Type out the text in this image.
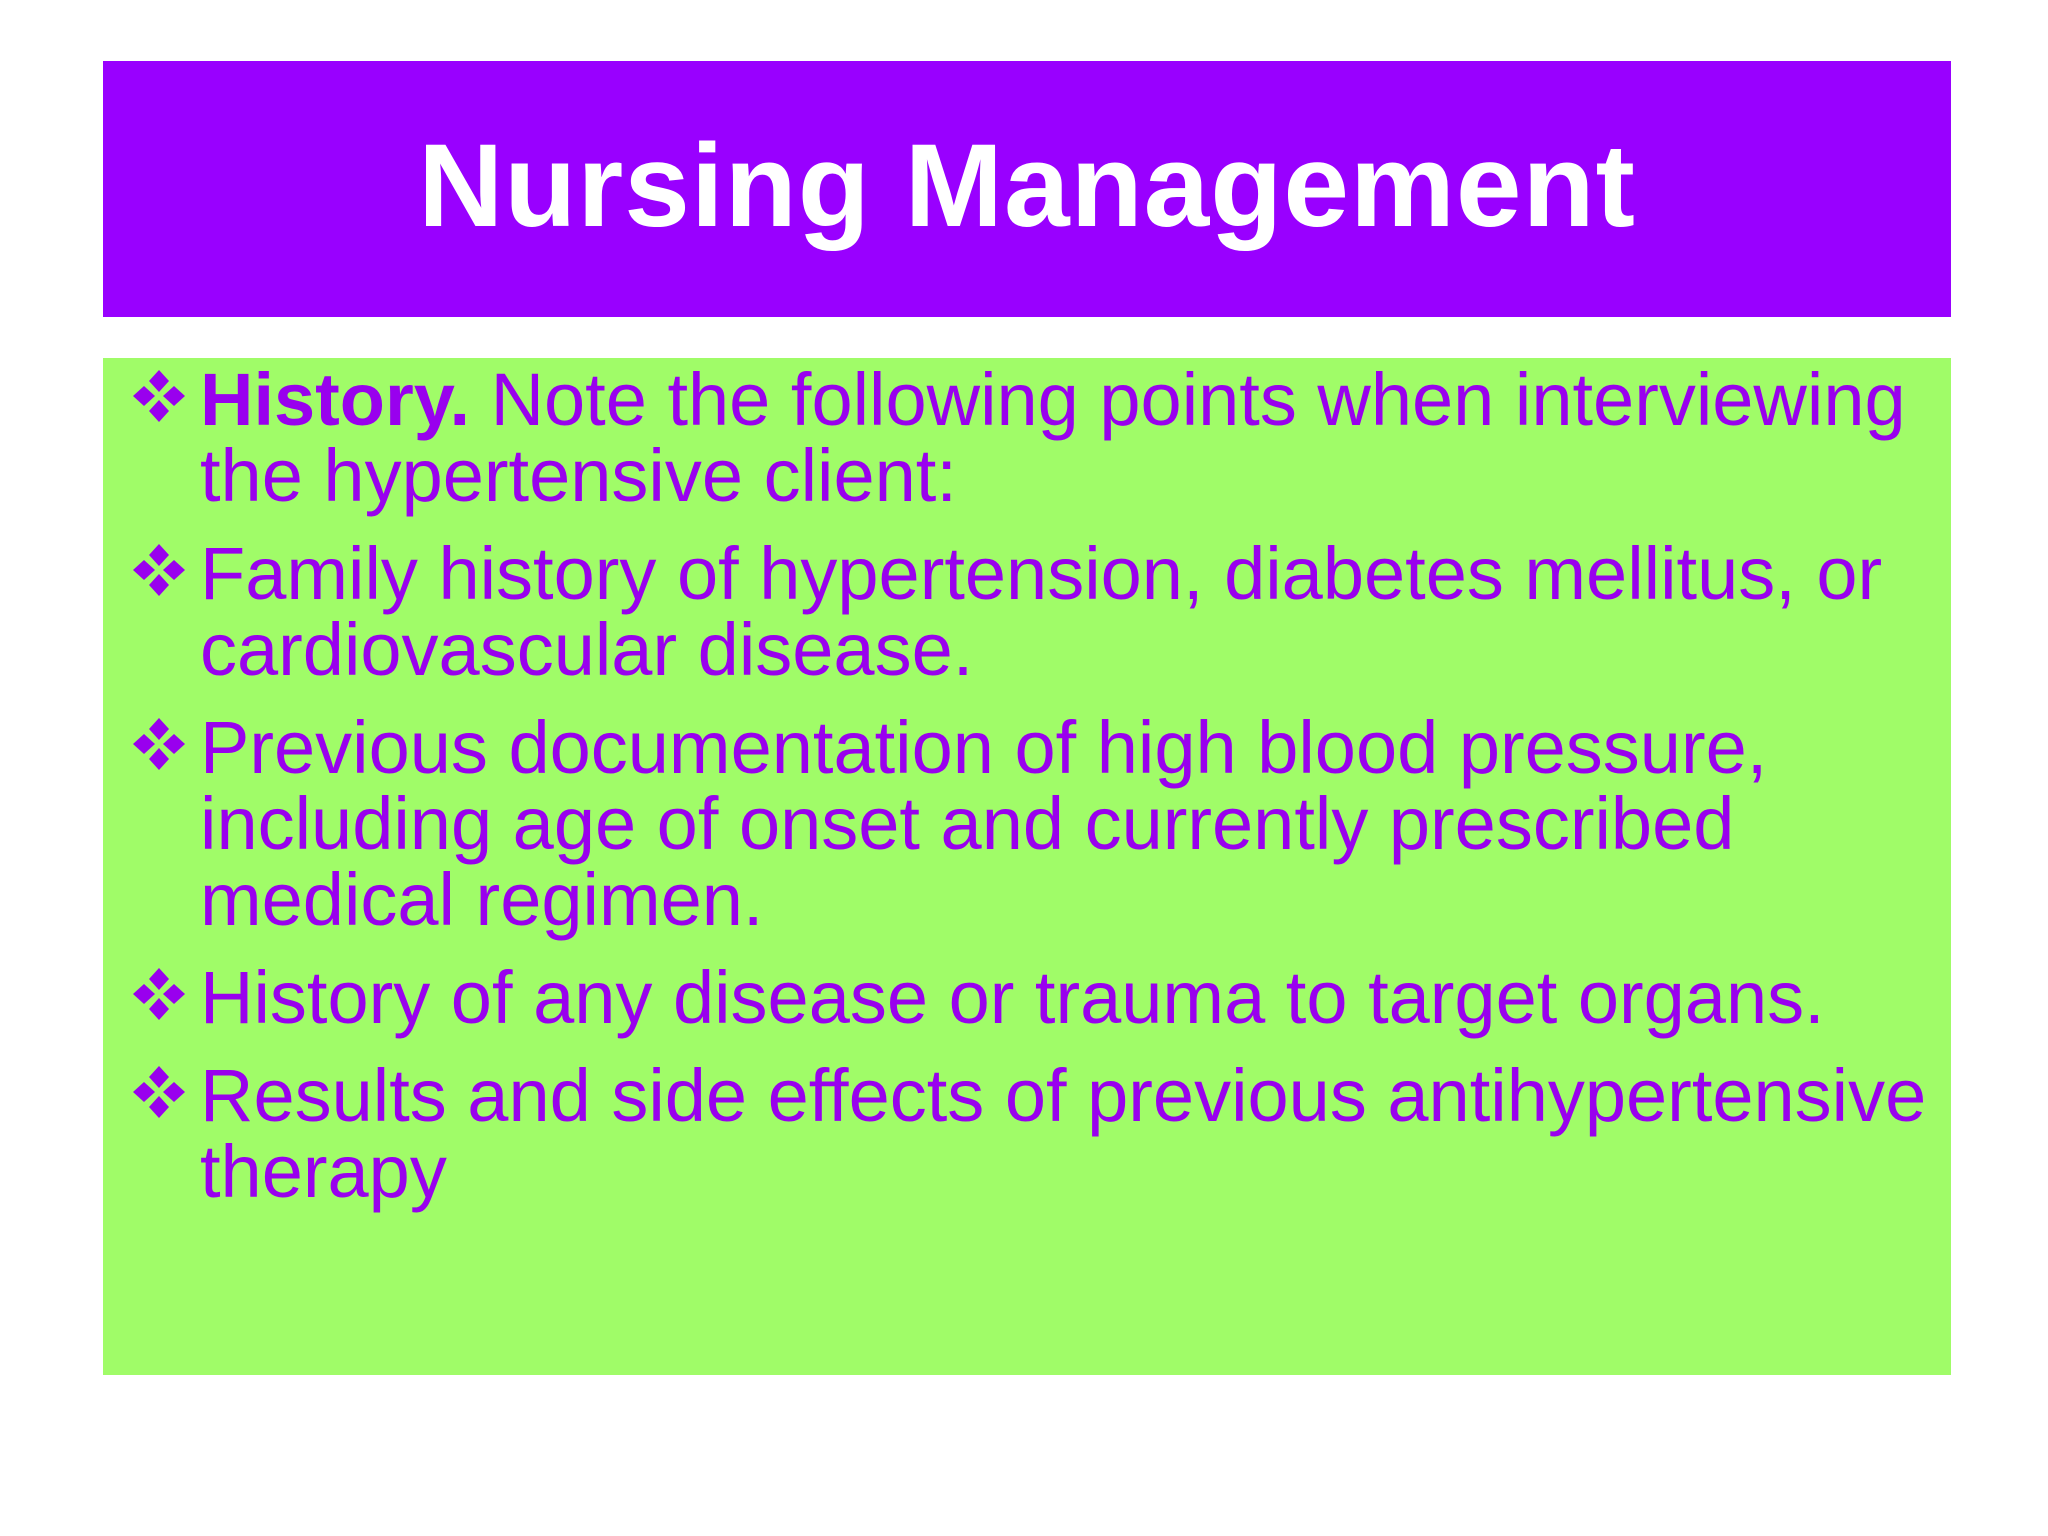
Nursing Management
History. Note the following points when interviewing the hypertensive client:
Family history of hypertension, diabetes mellitus, or cardiovascular disease.
Previous documentation of high blood pressure, including age of onset and currently prescribed medical regimen.
History of any disease or trauma to target organs.
Results and side effects of previous antihypertensive therapy
